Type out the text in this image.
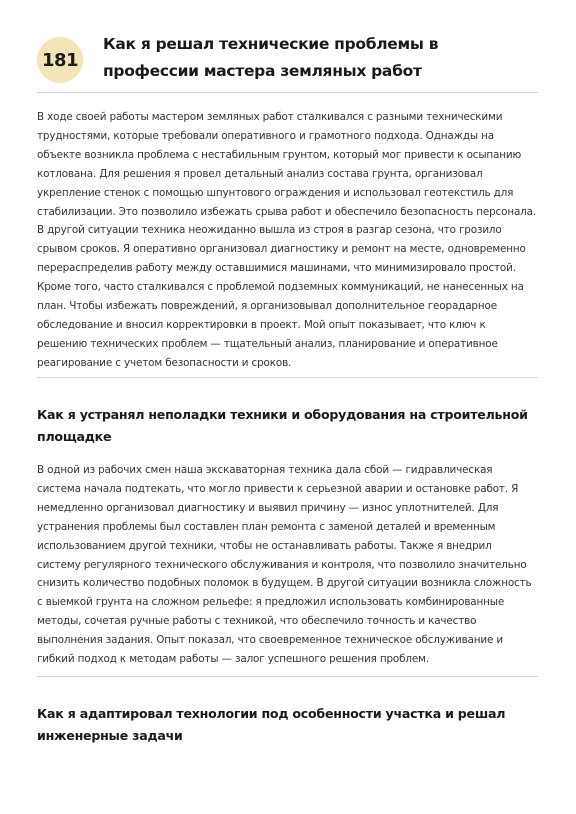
181
Как я решал технические проблемы в профессии мастера земляных работ

В ходе своей работы мастером земляных работ сталкивался с разными техническими трудностями, которые требовали оперативного и грамотного подхода. Однажды на объекте возникла проблема с нестабильным грунтом, который мог привести к осыпанию котлована. Для решения я провел детальный анализ состава грунта, организовал укрепление стенок с помощью шпунтового ограждения и использовал геотекстиль для стабилизации. Это позволило избежать срыва работ и обеспечило безопасность персонала. В другой ситуации техника неожиданно вышла из строя в разгар сезона, что грозило срывом сроков. Я оперативно организовал диагностику и ремонт на месте, одновременно перераспределив работу между оставшимися машинами, что минимизировало простой. Кроме того, часто сталкивался с проблемой подземных коммуникаций, не нанесенных на план. Чтобы избежать повреждений, я организовывал дополнительное георадарное обследование и вносил корректировки в проект. Мой опыт показывает, что ключ к решению технических проблем — тщательный анализ, планирование и оперативное реагирование с учетом безопасности и сроков.

Как я устранял неполадки техники и оборудования на строительной площадке

В одной из рабочих смен наша экскаваторная техника дала сбой — гидравлическая система начала подтекать, что могло привести к серьезной аварии и остановке работ. Я немедленно организовал диагностику и выявил причину — износ уплотнителей. Для устранения проблемы был составлен план ремонта с заменой деталей и временным использованием другой техники, чтобы не останавливать работы. Также я внедрил систему регулярного технического обслуживания и контроля, что позволило значительно снизить количество подобных поломок в будущем. В другой ситуации возникла сложность с выемкой грунта на сложном рельефе: я предложил использовать комбинированные методы, сочетая ручные работы с техникой, что обеспечило точность и качество выполнения задания. Опыт показал, что своевременное техническое обслуживание и гибкий подход к методам работы — залог успешного решения проблем.

Как я адаптировал технологии под особенности участка и решал инженерные задачи
